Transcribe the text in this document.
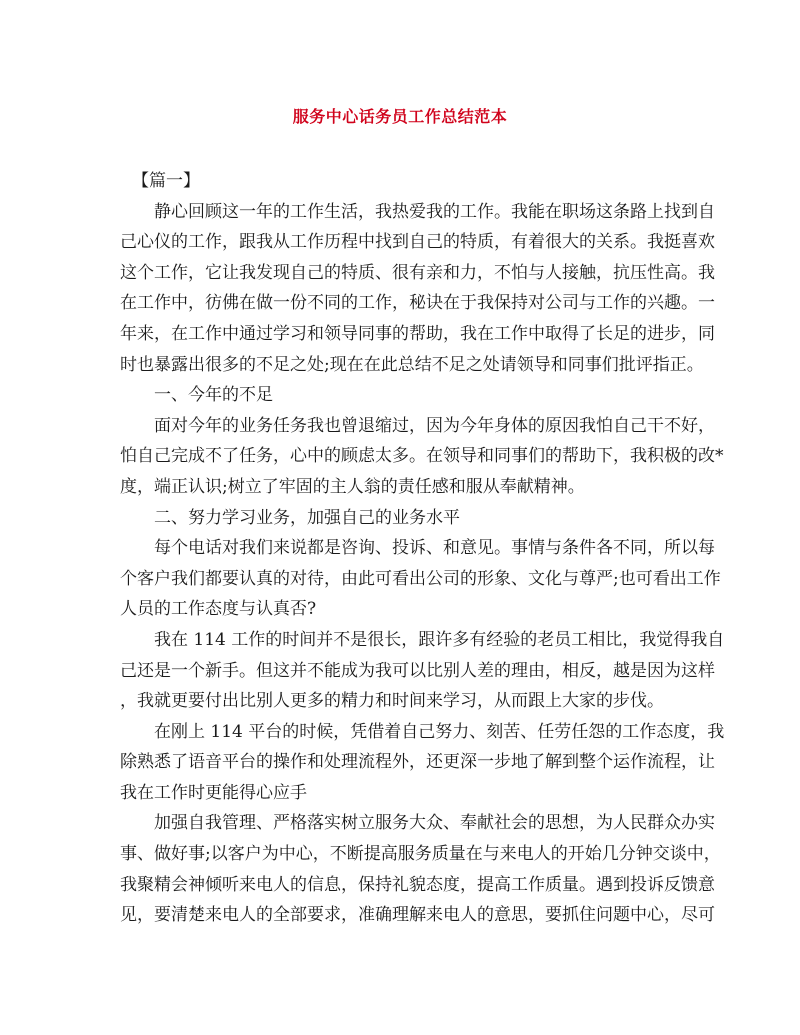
服务中心话务员工作总结范本
【篇一】
静心回顾这一年的工作生活，我热爱我的工作。我能在职场这条路上找到自
己心仪的工作，跟我从工作历程中找到自己的特质，有着很大的关系。我挺喜欢
这个工作，它让我发现自己的特质、很有亲和力，不怕与人接触，抗压性高。我
在工作中，彷佛在做一份不同的工作，秘诀在于我保持对公司与工作的兴趣。一
年来，在工作中通过学习和领导同事的帮助，我在工作中取得了长足的进步，同
时也暴露出很多的不足之处;现在在此总结不足之处请领导和同事们批评指正。
一、今年的不足
面对今年的业务任务我也曾退缩过，因为今年身体的原因我怕自己干不好，
怕自己完成不了任务，心中的顾虑太多。在领导和同事们的帮助下，我积极的改*
度，端正认识;树立了牢固的主人翁的责任感和服从奉献精神。
二、努力学习业务，加强自己的业务水平
每个电话对我们来说都是咨询、投诉、和意见。事情与条件各不同，所以每
个客户我们都要认真的对待，由此可看出公司的形象、文化与尊严;也可看出工作
人员的工作态度与认真否?
我在 114 工作的时间并不是很长，跟许多有经验的老员工相比，我觉得我自
己还是一个新手。但这并不能成为我可以比别人差的理由，相反，越是因为这样
，我就更要付出比别人更多的精力和时间来学习，从而跟上大家的步伐。
在刚上 114 平台的时候，凭借着自己努力、刻苦、任劳任怨的工作态度，我
除熟悉了语音平台的操作和处理流程外，还更深一步地了解到整个运作流程，让
我在工作时更能得心应手
加强自我管理、严格落实树立服务大众、奉献社会的思想，为人民群众办实
事、做好事;以客户为中心，不断提高服务质量在与来电人的开始几分钟交谈中，
我聚精会神倾听来电人的信息，保持礼貌态度，提高工作质量。遇到投诉反馈意
见，要清楚来电人的全部要求，准确理解来电人的意思，要抓住问题中心，尽可
